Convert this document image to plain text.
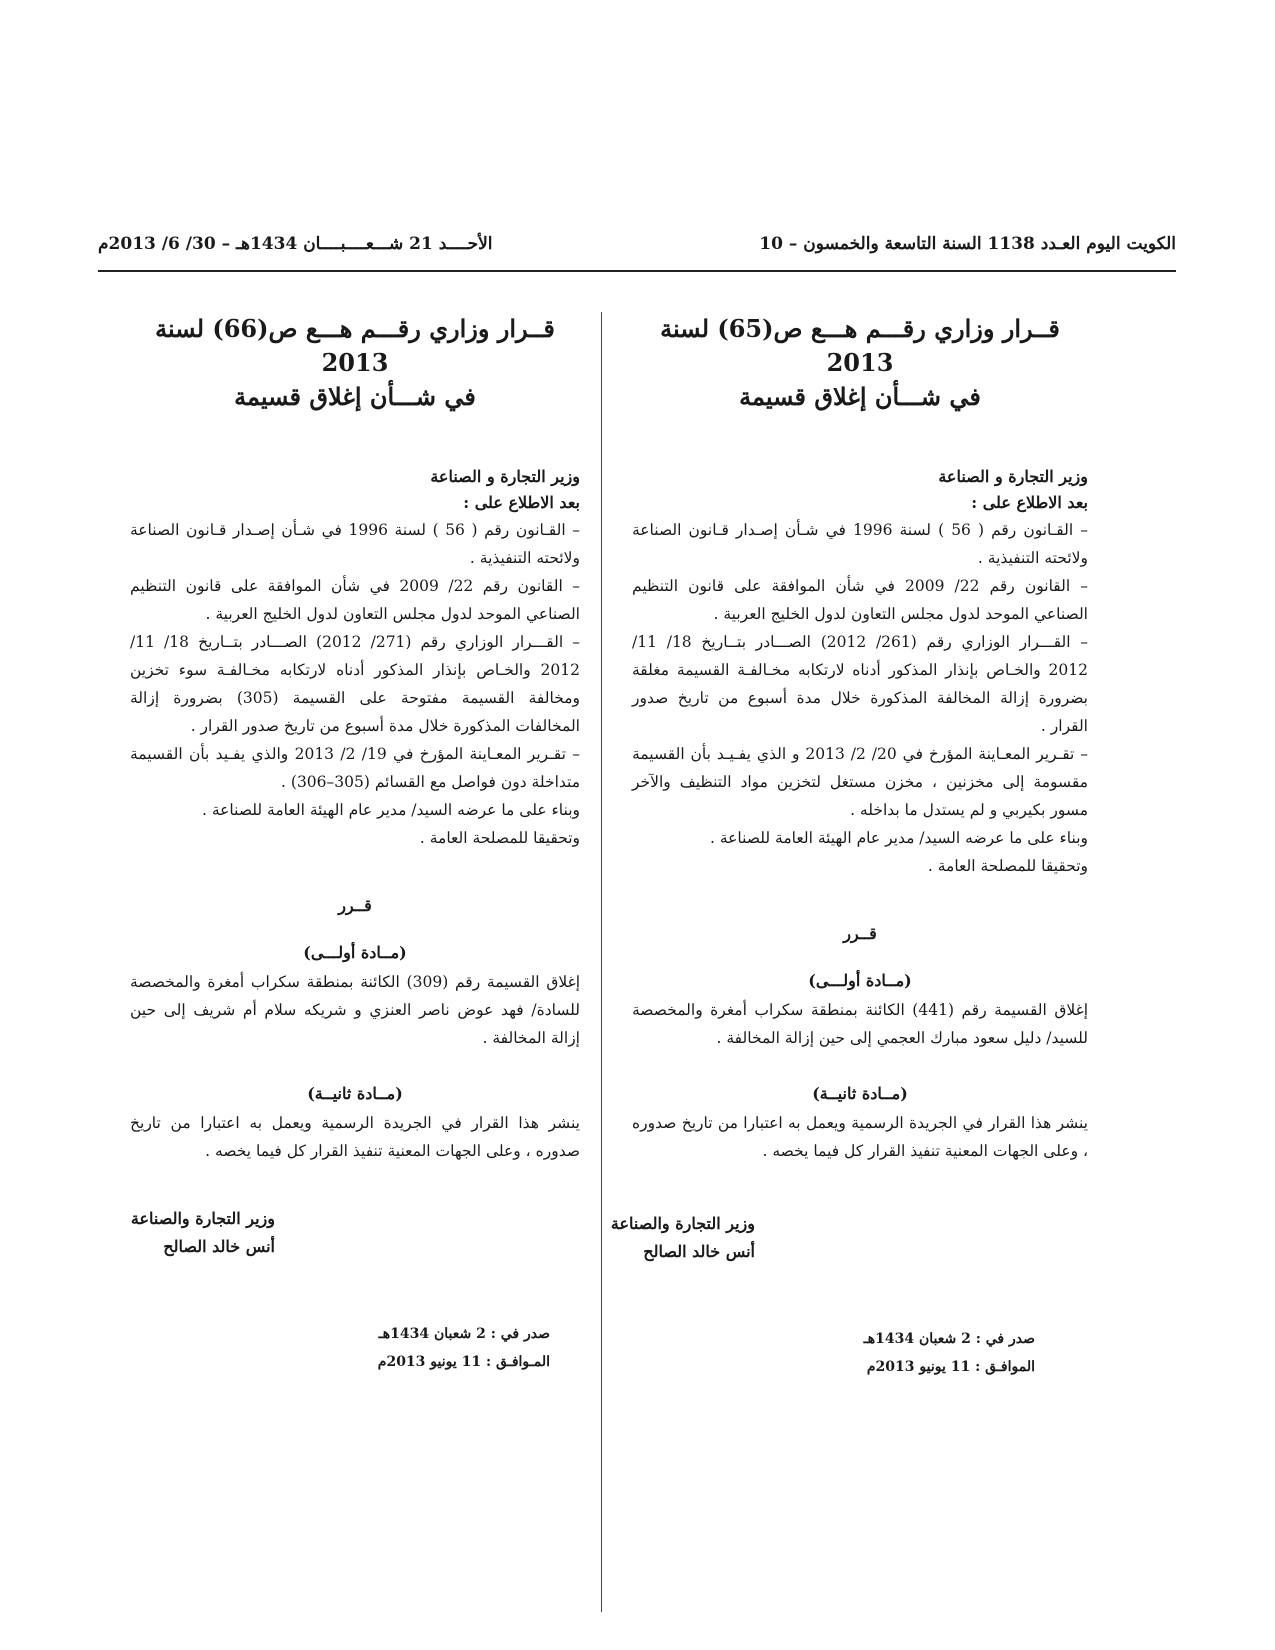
الكويت اليوم العـدد 1138 السنة التاسعة والخمسون – 10
الأحــــد 21 شـــعــــبــــان 1434هـ – 30/ 6/ 2013م
قــرار وزاري رقـــم هـــع ص(65) لسنة 2013
في شـــأن إغلاق قسيمة

وزير التجارة و الصناعة

بعد الاطلاع على :

– القـانون رقم ( 56 ) لسنة 1996 في شـأن إصـدار قـانون الصناعة ولائحته التنفيذية .

– القانون رقم 22/ 2009 في شأن الموافقة على قانون التنظيم الصناعي الموحد لدول مجلس التعاون لدول الخليج العربية .

– القـــرار الوزاري رقم (261/ 2012) الصـــادر بتــاريخ 18/ 11/ 2012 والخـاص بإنذار المذكور أدناه لارتكابه مخـالفـة القسيمة مغلقة بضرورة إزالة المخالفة المذكورة خلال مدة أسبوع من تاريخ صدور القرار .

– تقـرير المعـاينة المؤرخ في 20/ 2/ 2013 و الذي يفـيـد بأن القسيمة مقسومة إلى مخزنين ، مخزن مستغل لتخزين مواد التنظيف والآخر مسور بكيربي و لم يستدل ما بداخله .

وبناء على ما عرضه السيد/ مدير عام الهيئة العامة للصناعة .

وتحقيقا للمصلحة العامة .

قــرر
(مــادة أولـــى)

إغلاق القسيمة رقم (441) الكائنة بمنطقة سكراب أمغرة والمخصصة للسيد/ دليل سعود مبارك العجمي إلى حين إزالة المخالفة .

(مــادة ثانيــة)

ينشر هذا القرار في الجريدة الرسمية ويعمل به اعتبارا من تاريخ صدوره ، وعلى الجهات المعنية تنفيذ القرار كل فيما يخصه .

وزير التجارة والصناعة

أنس خالد الصالح

صدر في : 2 شعبان 1434هـ
الموافـق : 11 يونيو 2013م
قــرار وزاري رقـــم هـــع ص(66) لسنة 2013
في شـــأن إغلاق قسيمة

وزير التجارة و الصناعة

بعد الاطلاع على :

– القـانون رقم ( 56 ) لسنة 1996 في شـأن إصـدار قـانون الصناعة ولائحته التنفيذية .

– القانون رقم 22/ 2009 في شأن الموافقة على قانون التنظيم الصناعي الموحد لدول مجلس التعاون لدول الخليج العربية .

– القـــرار الوزاري رقم (271/ 2012) الصـــادر بتــاريخ 18/ 11/ 2012 والخـاص بإنذار المذكور أدناه لارتكابه مخـالفـة سوء تخزين ومخالفة القسيمة مفتوحة على القسيمة (305) بضرورة إزالة المخالفات المذكورة خلال مدة أسبوع من تاريخ صدور القرار .

– تقـرير المعـاينة المؤرخ في 19/ 2/ 2013 والذي يفـيد بأن القسيمة متداخلة دون فواصل مع القسائم (305–306) .

وبناء على ما عرضه السيد/ مدير عام الهيئة العامة للصناعة .

وتحقيقا للمصلحة العامة .

قــرر
(مــادة أولـــى)

إغلاق القسيمة رقم (309) الكائنة بمنطقة سكراب أمغرة والمخصصة للسادة/ فهد عوض ناصر العنزي و شريكه سلام أم شريف إلى حين إزالة المخالفة .

(مــادة ثانيــة)

ينشر هذا القرار في الجريدة الرسمية ويعمل به اعتبارا من تاريخ صدوره ، وعلى الجهات المعنية تنفيذ القرار كل فيما يخصه .

وزير التجارة والصناعة

أنس خالد الصالح

صدر في : 2 شعبان 1434هـ
المـوافـق : 11 يونيو 2013م
